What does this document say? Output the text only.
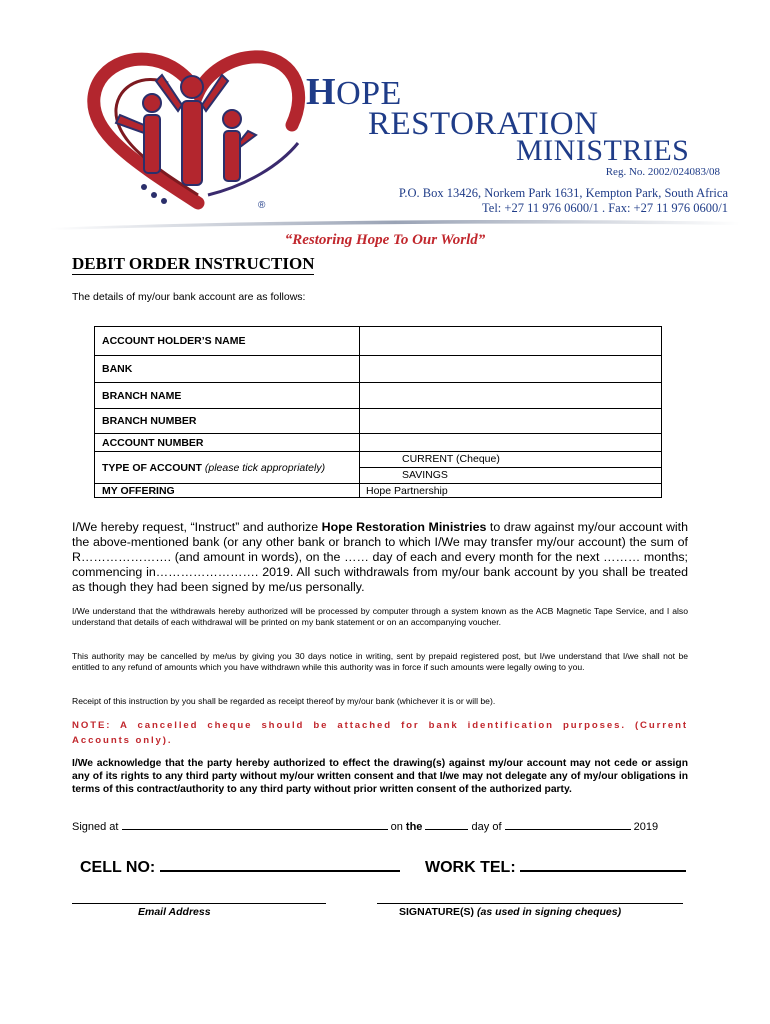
HOPE
RESTORATION
MINISTRIES
Reg. No. 2002/024083/08
P.O. Box 13426, Norkem Park 1631, Kempton Park, South Africa
Tel: +27 11 976 0600/1 . Fax: +27 11 976 0600/1
®
“Restoring Hope To Our World”
DEBIT ORDER INSTRUCTION
The details of my/our bank account are as follows:
ACCOUNT HOLDER’S NAME	
BANK	
BRANCH NAME	
BRANCH NUMBER	
ACCOUNT NUMBER	
TYPE OF ACCOUNT (please tick appropriately)	CURRENT (Cheque)
SAVINGS

MY OFFERING	Hope Partnership
I/We hereby request, “Instruct” and authorize Hope Restoration Ministries to draw against my/our account with the above-mentioned bank (or any other bank or branch to which I/We may transfer my/our account) the sum of R…………………. (and amount in words), on the …… day of each and every month for the next ……… months; commencing in……………………. 2019. All such withdrawals from my/our bank account by you shall be treated as though they had been signed by me/us personally.
I/We understand that the withdrawals hereby authorized will be processed by computer through a system known as the ACB Magnetic Tape Service, and I also understand that details of each withdrawal will be printed on my bank statement or on an accompanying voucher.
This authority may be cancelled by me/us by giving you 30 days notice in writing, sent by prepaid registered post, but I/we understand that I/we shall not be entitled to any refund of amounts which you have withdrawn while this authority was in force if such amounts were legally owing to you.
Receipt of this instruction by you shall be regarded as receipt thereof by my/our bank (whichever it is or will be).
NOTE: A cancelled cheque should be attached for bank identification purposes. (Current Accounts only).
I/We acknowledge that the party hereby authorized to effect the drawing(s) against my/our account may not cede or assign any of its rights to any third party without my/our written consent and that I/we may not delegate any of my/our obligations in terms of this contract/authority to any third party without prior written consent of the authorized party.
Signed at	on the	day of	2019
CELL NO:	WORK TEL:
Email Address	SIGNATURE(S) (as used in signing cheques)
